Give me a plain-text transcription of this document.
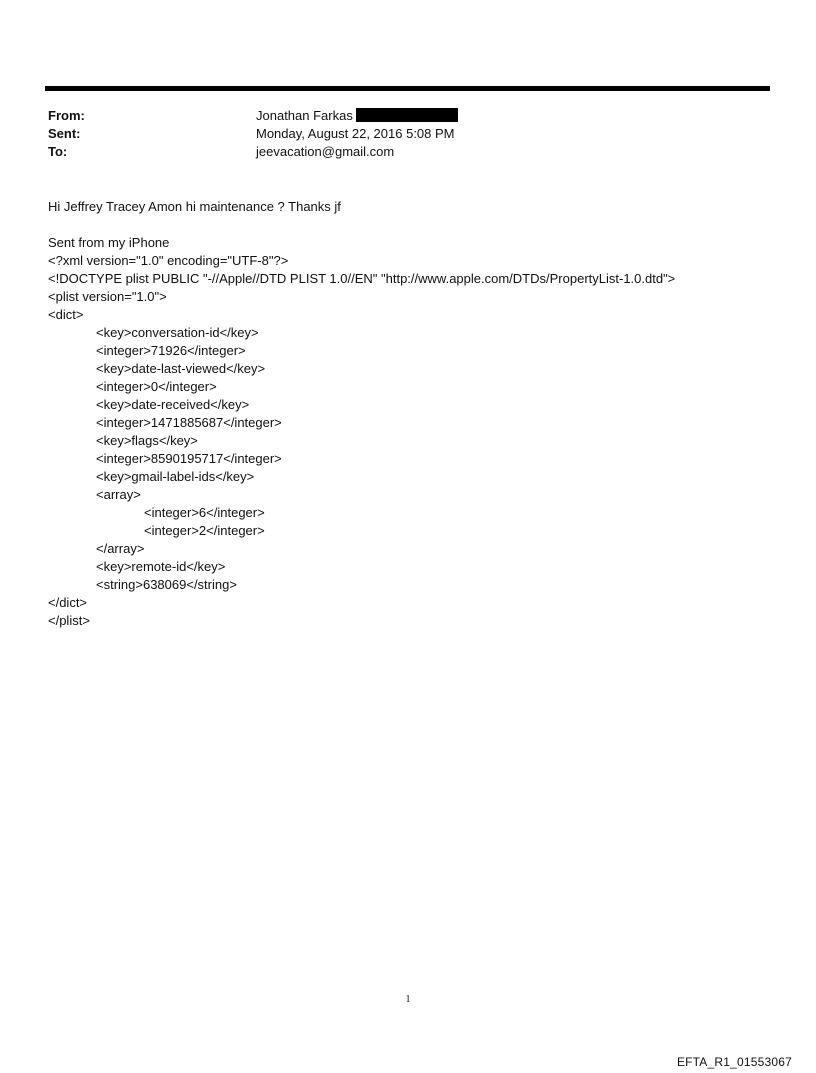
From:	Jonathan Farkas
Sent:	Monday, August 22, 2016 5:08 PM
To:	jeevacation@gmail.com
Hi Jeffrey Tracey Amon hi maintenance ? Thanks jf
Sent from my iPhone
<?xml version="1.0" encoding="UTF-8"?>
<!DOCTYPE plist PUBLIC "-//Apple//DTD PLIST 1.0//EN" "http://www.apple.com/DTDs/PropertyList-1.0.dtd">
<plist version="1.0">
<dict>
<key>conversation-id</key>
<integer>71926</integer>
<key>date-last-viewed</key>
<integer>0</integer>
<key>date-received</key>
<integer>1471885687</integer>
<key>flags</key>
<integer>8590195717</integer>
<key>gmail-label-ids</key>
<array>
<integer>6</integer>
<integer>2</integer>
</array>
<key>remote-id</key>
<string>638069</string>
</dict>
</plist>
1
EFTA_R1_01553067
